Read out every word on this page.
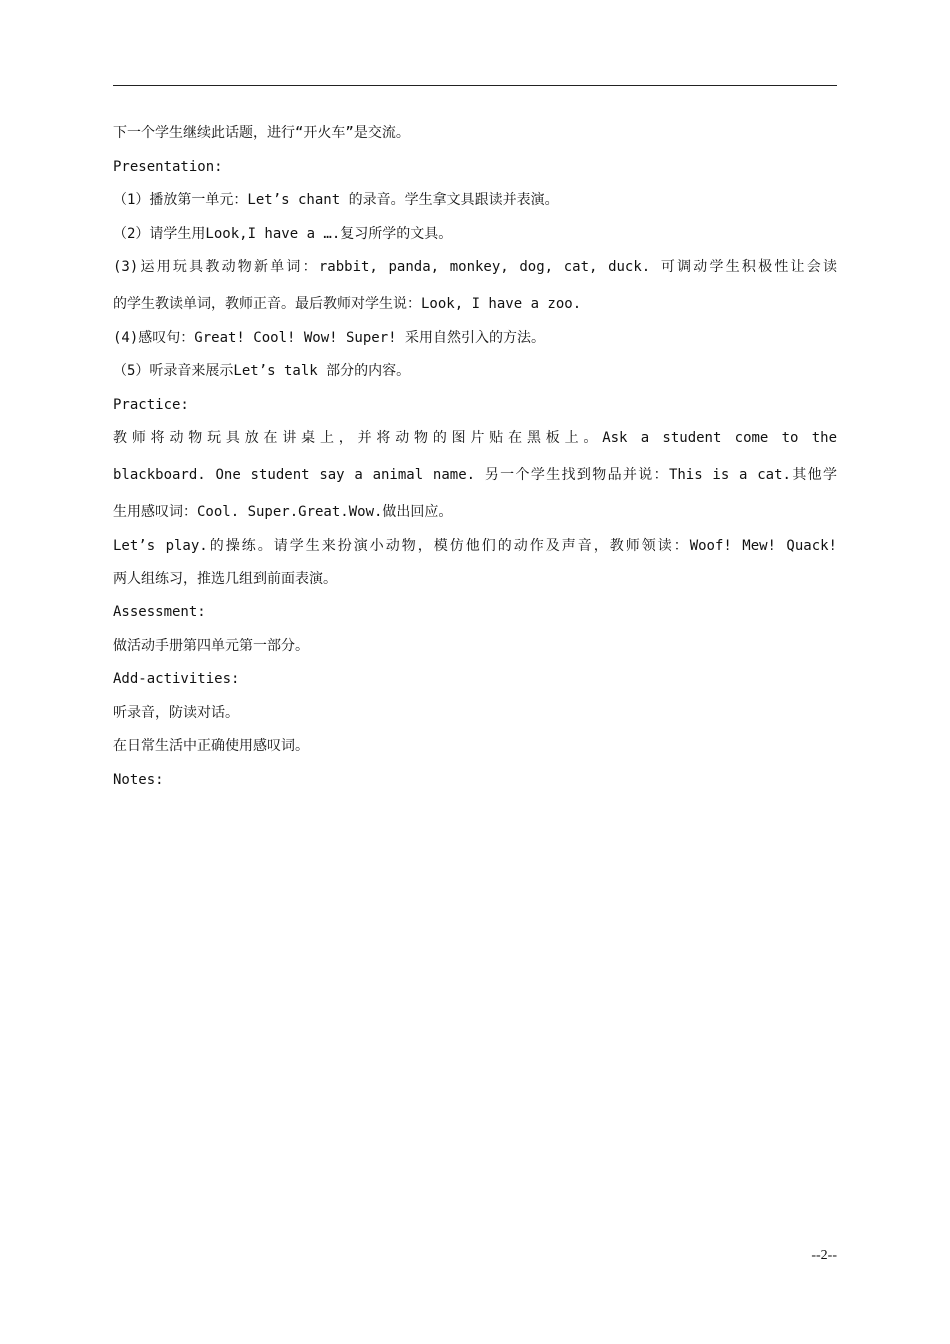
下一个学生继续此话题，进行“开火车”是交流。
Presentation:
（1）播放第一单元：Let’s chant 的录音。学生拿文具跟读并表演。
（2）请学生用Look,I have a ….复习所学的文具。
(3)运用玩具教动物新单词：rabbit, panda, monkey, dog, cat, duck. 可调动学生积极性让会读
的学生教读单词，教师正音。最后教师对学生说：Look, I have a zoo.
(4)感叹句：Great! Cool! Wow! Super! 采用自然引入的方法。
（5）听录音来展示Let’s talk 部分的内容。
Practice:
教师将动物玩具放在讲桌上，并将动物的图片贴在黑板上。Ask a student come to the
blackboard. One student say a animal name. 另一个学生找到物品并说：This is a cat.其他学
生用感叹词：Cool. Super.Great.Wow.做出回应。
Let’s play.的操练。请学生来扮演小动物，模仿他们的动作及声音，教师领读：Woof! Mew! Quack!
两人组练习，推选几组到前面表演。
Assessment:
做活动手册第四单元第一部分。
Add-activities:
听录音，防读对话。
在日常生活中正确使用感叹词。
Notes:
--2--
